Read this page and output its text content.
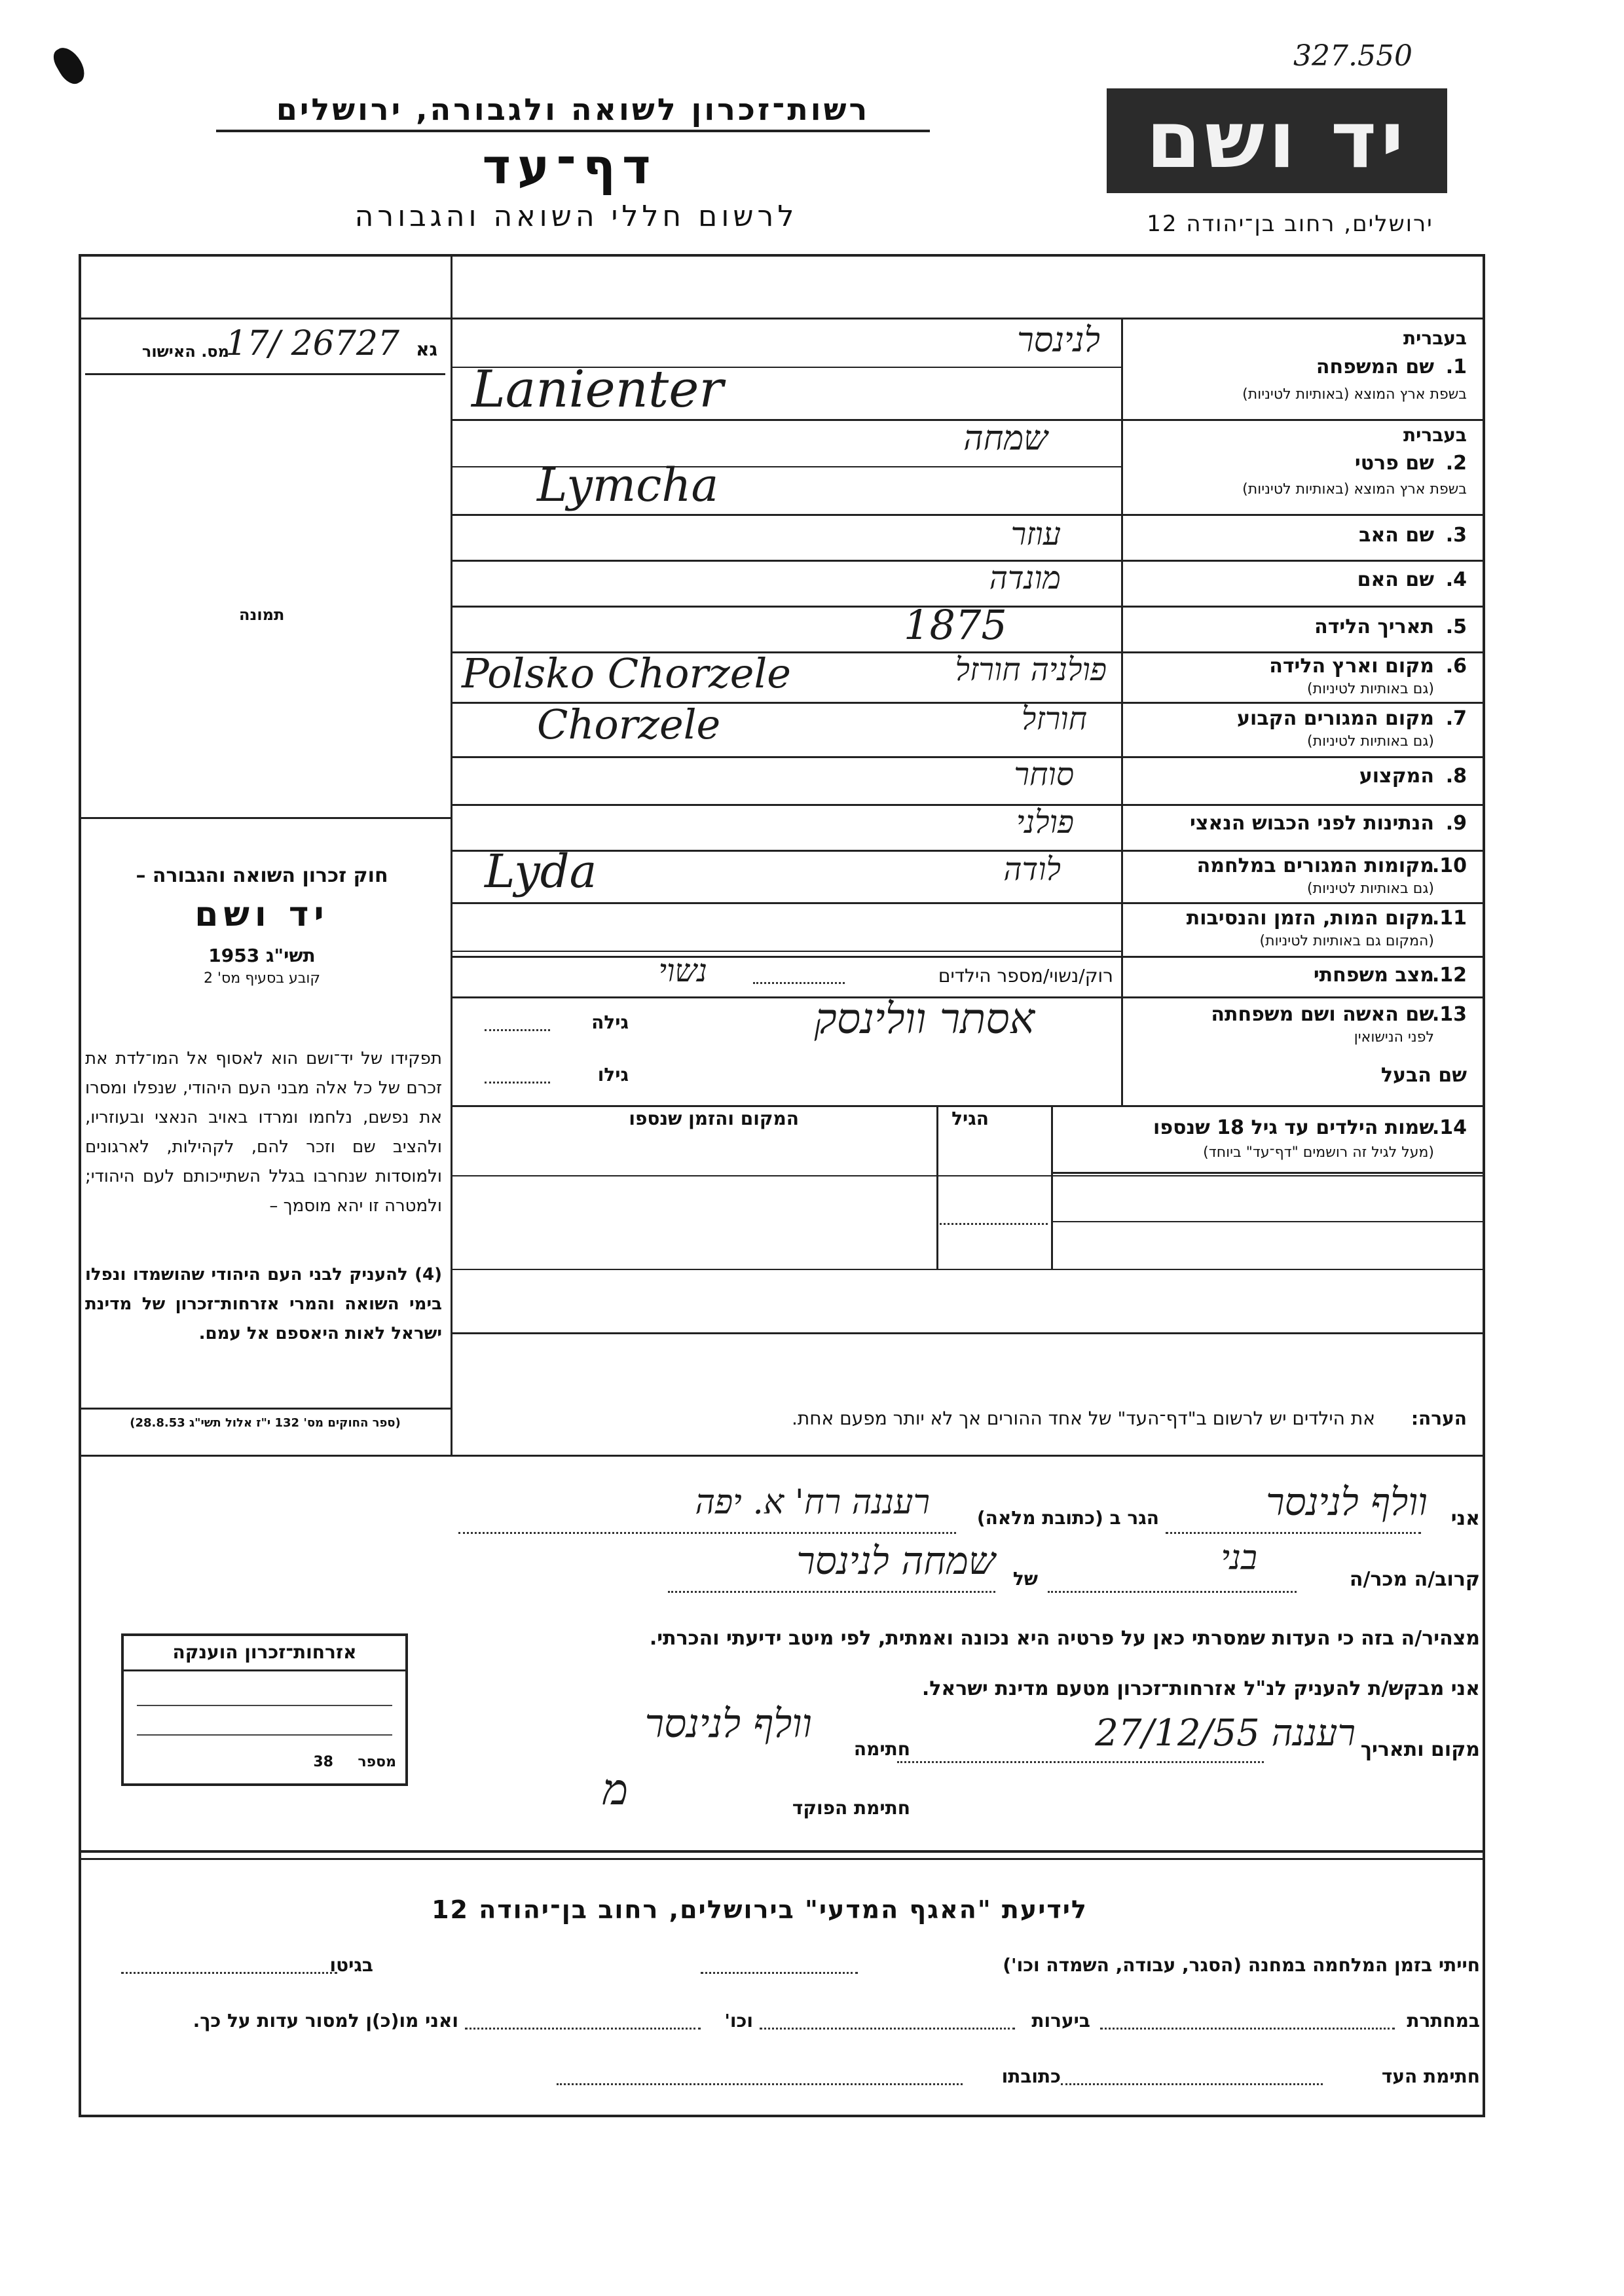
327.550
רשות־זכרון לשואה ולגבורה, ירושלים
דף־עד
לרשום חללי השואה והגבורה
יד ושם
ירושלים, רחוב בן־יהודה 12
גא
26727 /17
מס. האישור
תמונה
חוק זכרון השואה והגבורה –
יד ושם
תשי"ג 1953
קובע בסעיף מס' 2
תפקידו של יד־ושם הוא לאסוף אל המו־לדת את זכרם של כל אלה מבני העם היהודי, שנפלו ומסרו את נפשם, נלחמו ומרדו באויב הנאצי ובעוזריו, ולהציב שם וזכר להם, לקהילות, לארגונים ולמוסדות שנחרבו בגלל השתייכותם לעם היהודי; ולמטרה זו יהא מוסמך –
(4) להעניק לבני העם היהודי שהושמדו ונפלו בימי השואה והמרי אזרחות־זכרון של מדינת ישראל לאות היאספם אל עמם.
(ספר החוקים מס' 132 י"ז אלול תשי"ג 28.8.53)
בעברית
1.
שם המשפחה
בשפת ארץ המוצא (באותיות לטיניות)
לנינסר
Lanienter
בעברית
2.
שם פרטי
בשפת ארץ המוצא (באותיות לטיניות)
שמחה
Lymcha
3.
שם האב
עוזר
4.
שם האם
מונדה
5.
תאריך הלידה
1875
6.
מקום וארץ הלידה
(גם באותיות לטיניות)
פולניה חורזל
Polsko Chorzele
7.
מקום המגורים הקבוע
(גם באותיות לטיניות)
חורזל
Chorzele
8.
המקצוע
סוחר
9.
הנתינות לפני הכבוש הנאצי
פולני
10.
מקומות המגורים במלחמה
(גם באותיות לטיניות)
לודה
Lyda
11.
מקום המות, הזמן והנסיבות
(המקום גם באותיות לטיניות)
12.
מצב משפחתי
רוק/נשוי/מספר הילדים
נשוי
13.
שם האשה ושם משפחתה
לפני הנישואין
אסתר וולינסק
גילה
שם הבעל
גילו
14.
שמות הילדים עד גיל 18 שנספו
(מעל לגיל זה רושמים "דף־עד" ביוחד)
הגיל
המקום והזמן שנספו
הערה:
את הילדים יש לרשום ב"דף־העד" של אחד ההורים אך לא יותר מפעם אחת.
אני
וולף לנינסר
הגר ב (כתובת מלאה)
רעננה רח' א. יפה
קרוב/ה מכר/ה
בני
של
שמחה לנינסר
מצהיר/ה בזה כי העדות שמסרתי כאן על פרטיה היא נכונה ואמתית, לפי מיטב ידיעתי והכרתי.
אני מבקש/ת להעניק לנ"ל אזרחות־זכרון מטעם מדינת ישראל.
מקום ותאריך
רעננה 27/12/55
חתימה
וולף לנינסר
חתימת הפוקד
מ
אזרחות־זכרון הוענקה
מספר
38
לידיעת "האגף המדעי" בירושלים, רחוב בן־יהודה 12
חייתי בזמן המלחמה במחנה (הסגר, עבודה, השמדה וכו')
בגיטו
במחתרת
ביערות
וכו'
ואני מו(כ)ן למסור עדות על כך.
חתימת העד
כתובתו
